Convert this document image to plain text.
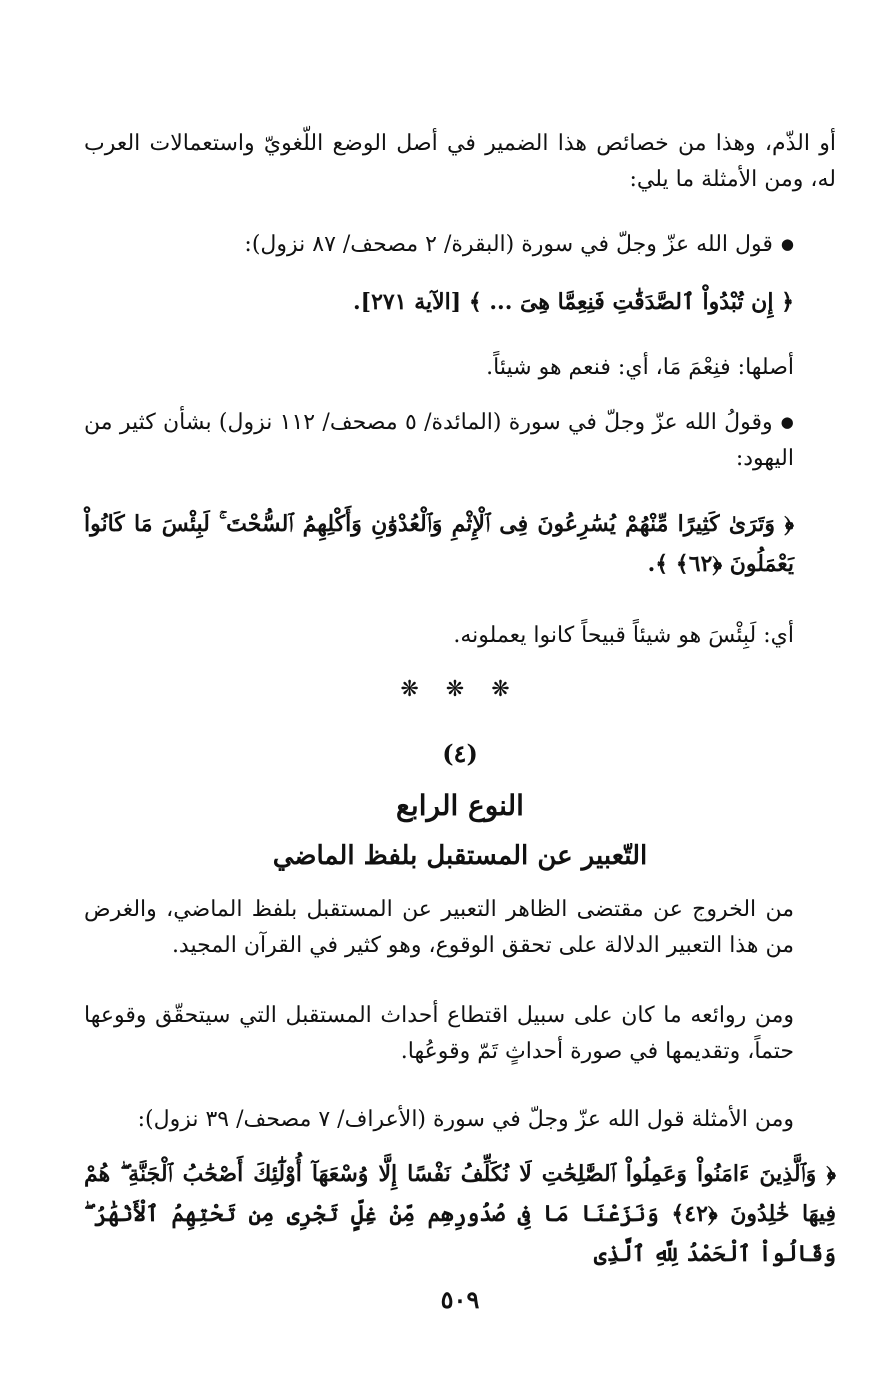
أو الذّم، وهذا من خصائص هذا الضمير في أصل الوضع اللّغويّ واستعمالات العرب له، ومن الأمثلة ما يلي:

● قول الله عزّ وجلّ في سورة (البقرة/ ٢ مصحف/ ٨٧ نزول):

﴿ إِن تُبْدُواْ ٱلصَّدَقَٰتِ فَنِعِمَّا هِىَ ... ﴾ [الآية ٢٧١].

أصلها: فنِعْمَ مَا، أي: فنعم هو شيئاً.

● وقولُ الله عزّ وجلّ في سورة (المائدة/ ٥ مصحف/ ١١٢ نزول) بشأن كثير من اليهود:

﴿ وَتَرَىٰ كَثِيرًا مِّنْهُمْ يُسَٰرِعُونَ فِى ٱلْإِثْمِ وَٱلْعُدْوَٰنِ وَأَكْلِهِمُ ٱلسُّحْتَ ۚ لَبِئْسَ مَا كَانُواْ يَعْمَلُونَ ﴿٦٢﴾ ﴾.

أي: لَبِئْسَ هو شيئاً قبيحاً كانوا يعملونه.

❋ ❋ ❋
(٤)
النوع الرابع
التّعبير عن المستقبل بلفظ الماضي

من الخروج عن مقتضى الظاهر التعبير عن المستقبل بلفظ الماضي، والغرض من هذا التعبير الدلالة على تحقق الوقوع، وهو كثير في القرآن المجيد.

ومن روائعه ما كان على سبيل اقتطاع أحداث المستقبل التي سيتحقّق وقوعها حتماً، وتقديمها في صورة أحداثٍ تَمّ وقوعُها.

ومن الأمثلة قول الله عزّ وجلّ في سورة (الأعراف/ ٧ مصحف/ ٣٩ نزول):

﴿ وَٱلَّذِينَ ءَامَنُواْ وَعَمِلُواْ ٱلصَّٰلِحَٰتِ لَا نُكَلِّفُ نَفْسًا إِلَّا وُسْعَهَآ أُوْلَٰٓئِكَ أَصْحَٰبُ ٱلْجَنَّةِ ۖ هُمْ فِيهَا خَٰلِدُونَ ﴿٤٢﴾ وَنَزَعْنَا مَا فِى صُدُورِهِم مِّنْ غِلٍّ تَجْرِى مِن تَحْتِهِمُ ٱلْأَنْهَٰرُ ۖ وَقَالُواْ ٱلْحَمْدُ لِلَّهِ ٱلَّذِى

٥٠٩
